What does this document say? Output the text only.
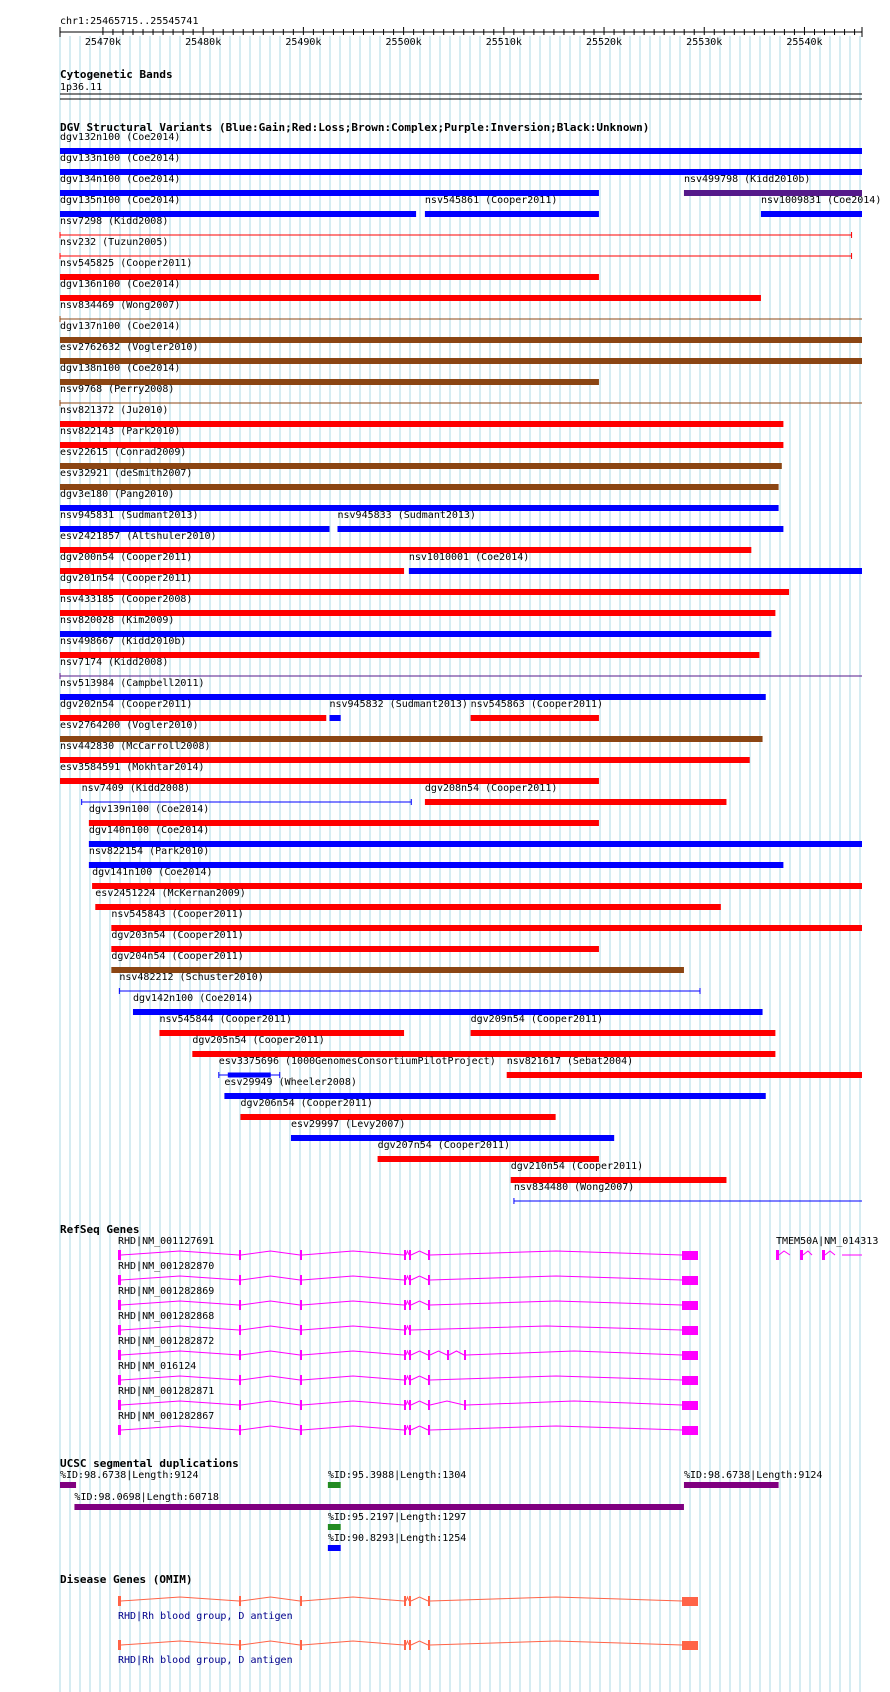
chr1:25465715..25545741
25470k	25480k	25490k	25500k	25510k	25520k	25530k	25540k
Cytogenetic Bands
1p36.11
DGV Structural Variants (Blue:Gain;Red:Loss;Brown:Complex;Purple:Inversion;Black:Unknown)
dgv132n100 (Coe2014)
dgv133n100 (Coe2014)
dgv134n100 (Coe2014)	nsv499798 (Kidd2010b)
dgv135n100 (Coe2014)	nsv545861 (Cooper2011)	nsv1009831 (Coe2014)
nsv7298 (Kidd2008)
nsv232 (Tuzun2005)
nsv545825 (Cooper2011)
dgv136n100 (Coe2014)
nsv834469 (Wong2007)
dgv137n100 (Coe2014)
esv2762632 (Vogler2010)
dgv138n100 (Coe2014)
nsv9768 (Perry2008)
nsv821372 (Ju2010)
nsv822143 (Park2010)
esv22615 (Conrad2009)
esv32921 (deSmith2007)
dgv3e180 (Pang2010)
nsv945831 (Sudmant2013)	nsv945833 (Sudmant2013)
esv2421857 (Altshuler2010)
dgv200n54 (Cooper2011)	nsv1010001 (Coe2014)
dgv201n54 (Cooper2011)
nsv433185 (Cooper2008)
nsv820028 (Kim2009)
nsv498667 (Kidd2010b)
nsv7174 (Kidd2008)
nsv513984 (Campbell2011)
dgv202n54 (Cooper2011)	nsv945832 (Sudmant2013) nsv545863 (Cooper2011)
esv2764200 (Vogler2010)
nsv442830 (McCarroll2008)
esv3584591 (Mokhtar2014)
nsv7409 (Kidd2008)	dgv208n54 (Cooper2011)
dgv139n100 (Coe2014)
dgv140n100 (Coe2014)
nsv822154 (Park2010)
dgv141n100 (Coe2014)
esv2451224 (McKernan2009)
nsv545843 (Cooper2011)
dgv203n54 (Cooper2011)
dgv204n54 (Cooper2011)
nsv482212 (Schuster2010)
dgv142n100 (Coe2014)
nsv545844 (Cooper2011)	dgv209n54 (Cooper2011)
dgv205n54 (Cooper2011)
esv3375696 (1000GenomesConsortiumPilotProject) nsv821617 (Sebat2004)
esv29949 (Wheeler2008)
dgv206n54 (Cooper2011)
esv29997 (Levy2007)
dgv207n54 (Cooper2011)
dgv210n54 (Cooper2011)
nsv834480 (Wong2007)
RefSeq Genes
RHD|NM_001127691
RHD|NM_001282870
RHD|NM_001282869
RHD|NM_001282868
RHD|NM_001282872
RHD|NM_016124
RHD|NM_001282871
RHD|NM_001282867
TMEM50A|NM_014313
UCSC segmental duplications
%ID:98.6738|Length:9124	%ID:95.3988|Length:1304	%ID:98.6738|Length:9124
%ID:98.0698|Length:60718
%ID:95.2197|Length:1297
%ID:90.8293|Length:1254
Disease Genes (OMIM)
RHD|Rh blood group, D antigen
RHD|Rh blood group, D antigen
